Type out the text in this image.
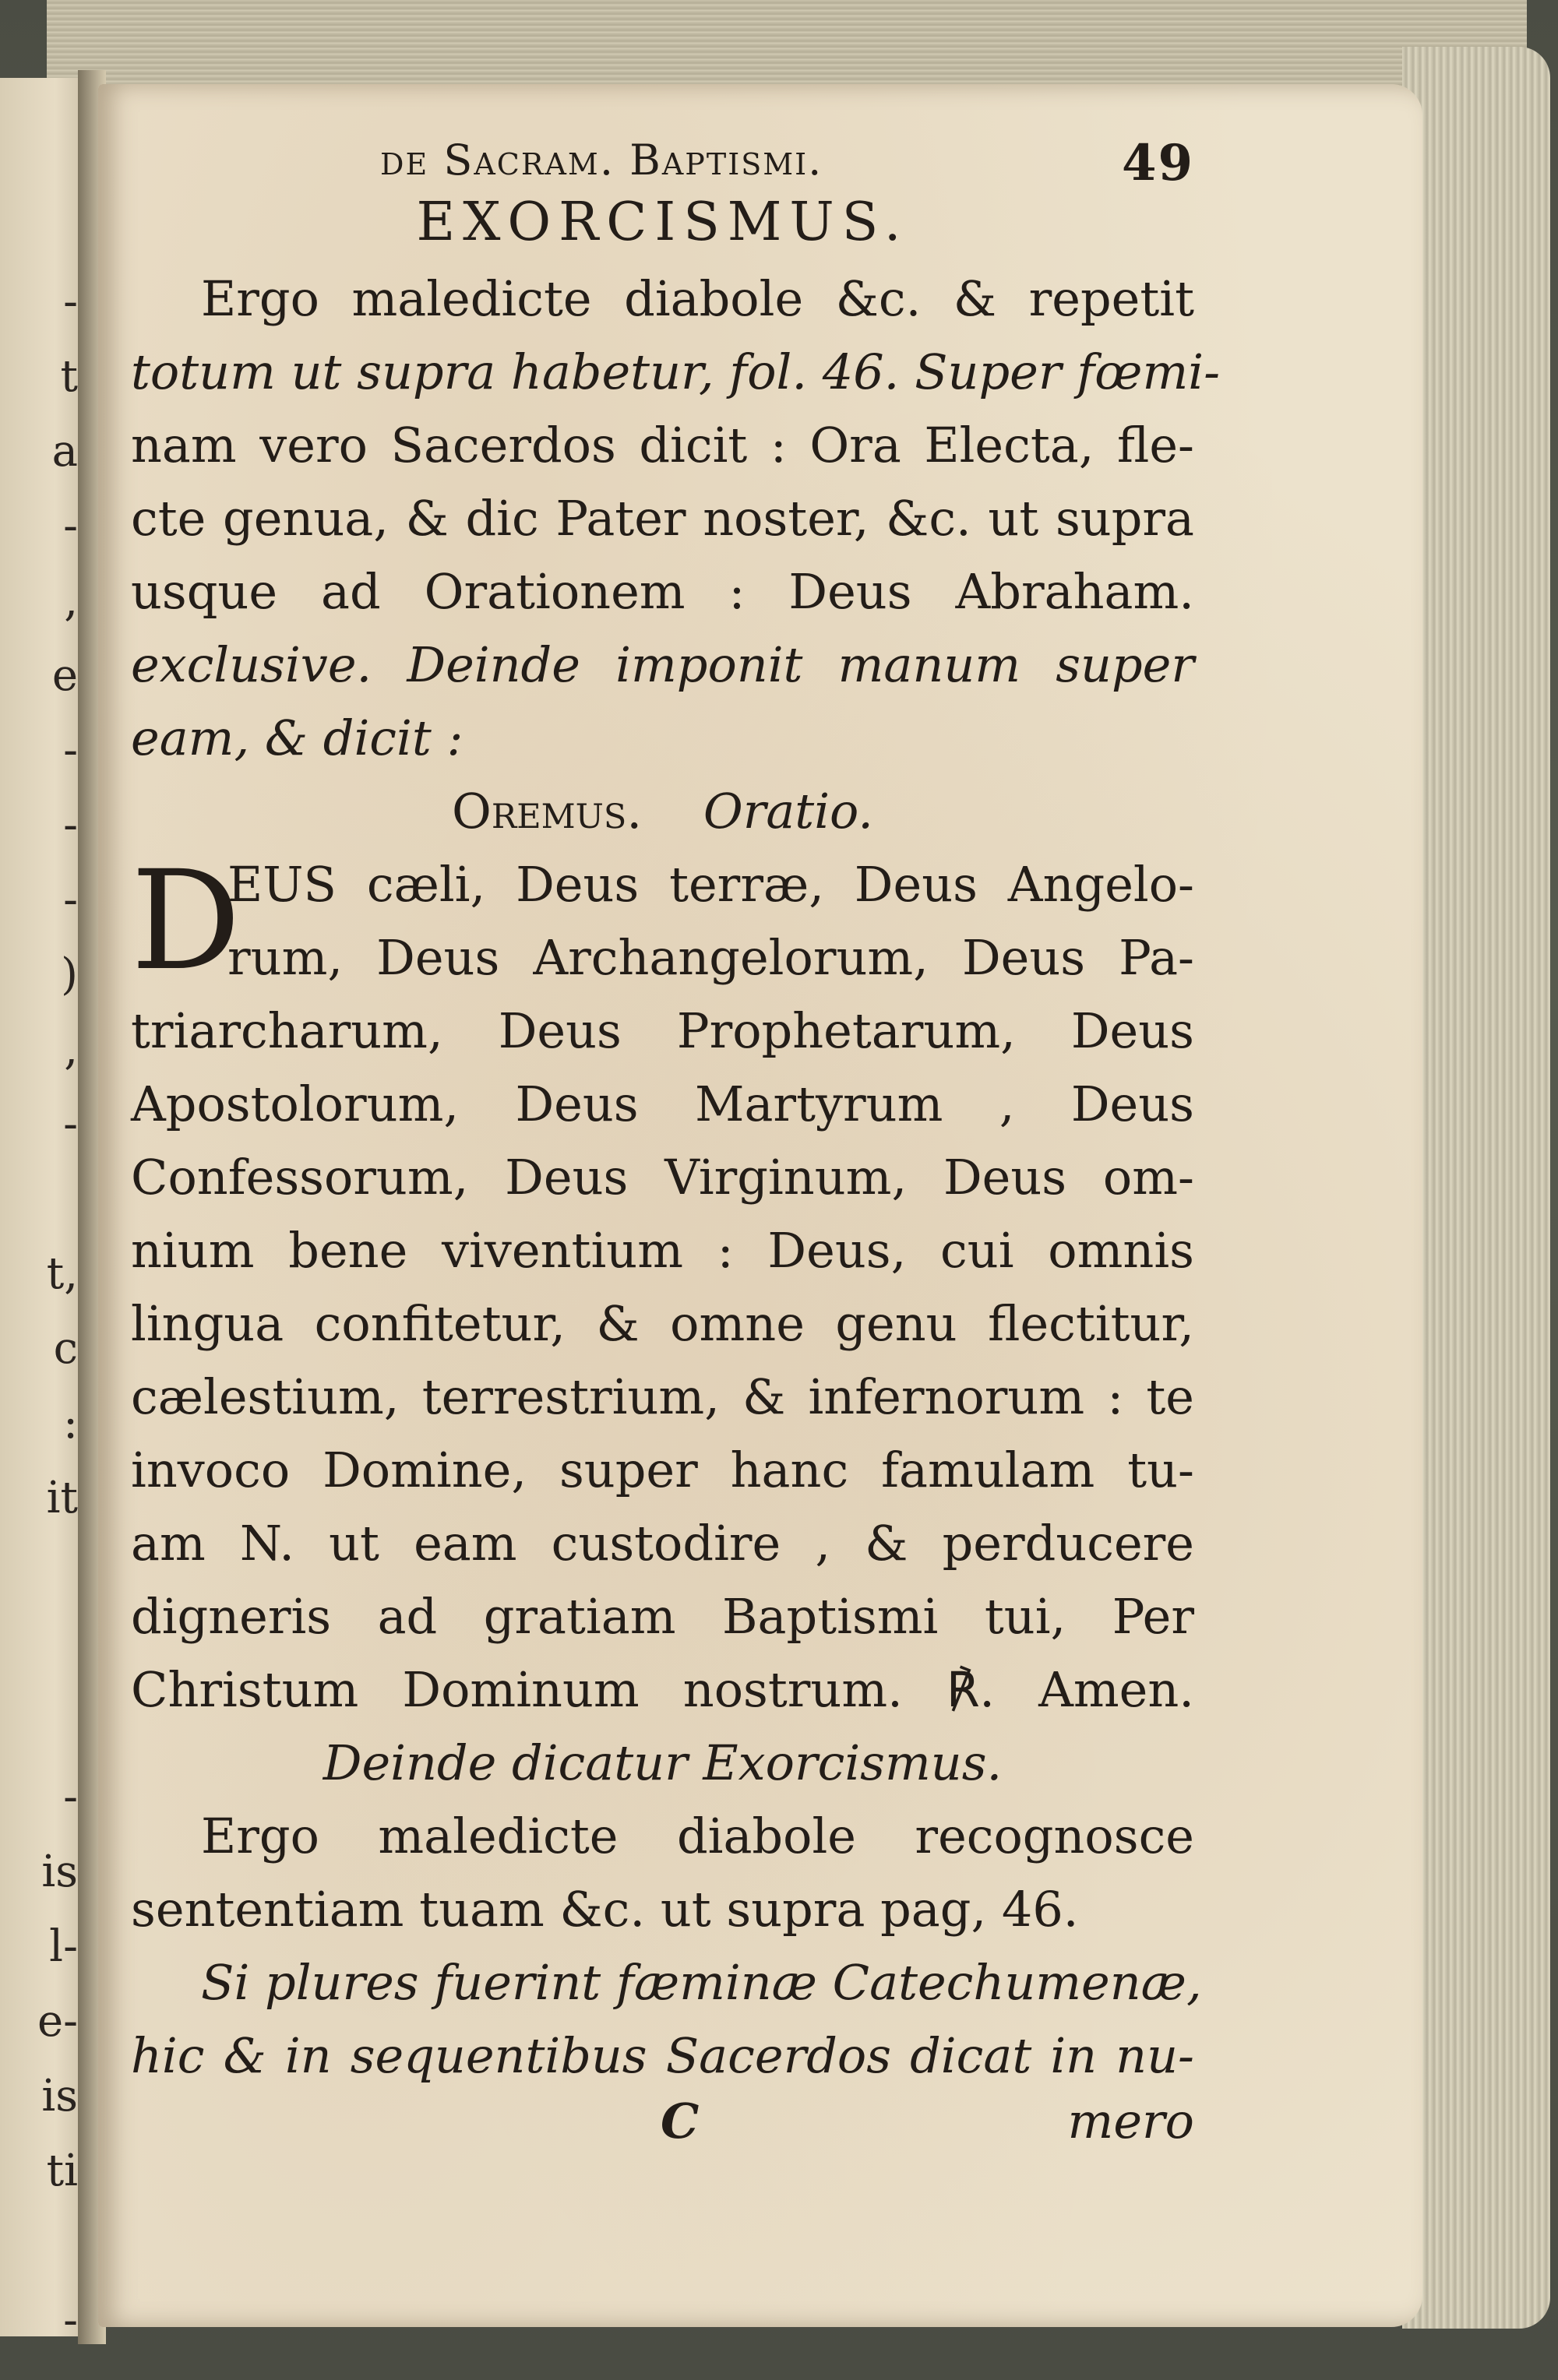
-
t
a
-
,
e
-
-
-
)
,
-
t,
c
:
it
-
is
l-
e-
is
ti
-
de Sacram. Baptismi.	49
EXORCISMUS.
Ergo maledicte diabole &c. & repetit
totum ut supra habetur, fol. 46. Super fœmi-
nam vero Sacerdos dicit : Ora Electa, fle-
cte genua, & dic Pater noster, &c. ut supra
usque ad Orationem : Deus Abraham.
exclusive. Deinde imponit manum super
eam, & dicit :
Oremus. Oratio.
D
EUS cæli, Deus terræ, Deus Angelo-
rum, Deus Archangelorum, Deus Pa-
triarcharum, Deus Prophetarum, Deus
Apostolorum, Deus Martyrum , Deus
Confessorum, Deus Virginum, Deus om-
nium bene viventium : Deus, cui omnis
lingua confitetur, & omne genu flectitur,
cælestium, terrestrium, & infernorum : te
invoco Domine, super hanc famulam tu-
am N. ut eam custodire , & perducere
digneris ad gratiam Baptismi tui, Per
Christum Dominum nostrum. ℟. Amen.
Deinde dicatur Exorcismus.
Ergo maledicte diabole recognosce
sententiam tuam &c. ut supra pag, 46.
Si plures fuerint fæminæ Catechumenæ,
hic & in sequentibus Sacerdos dicat in nu-
C	mero
